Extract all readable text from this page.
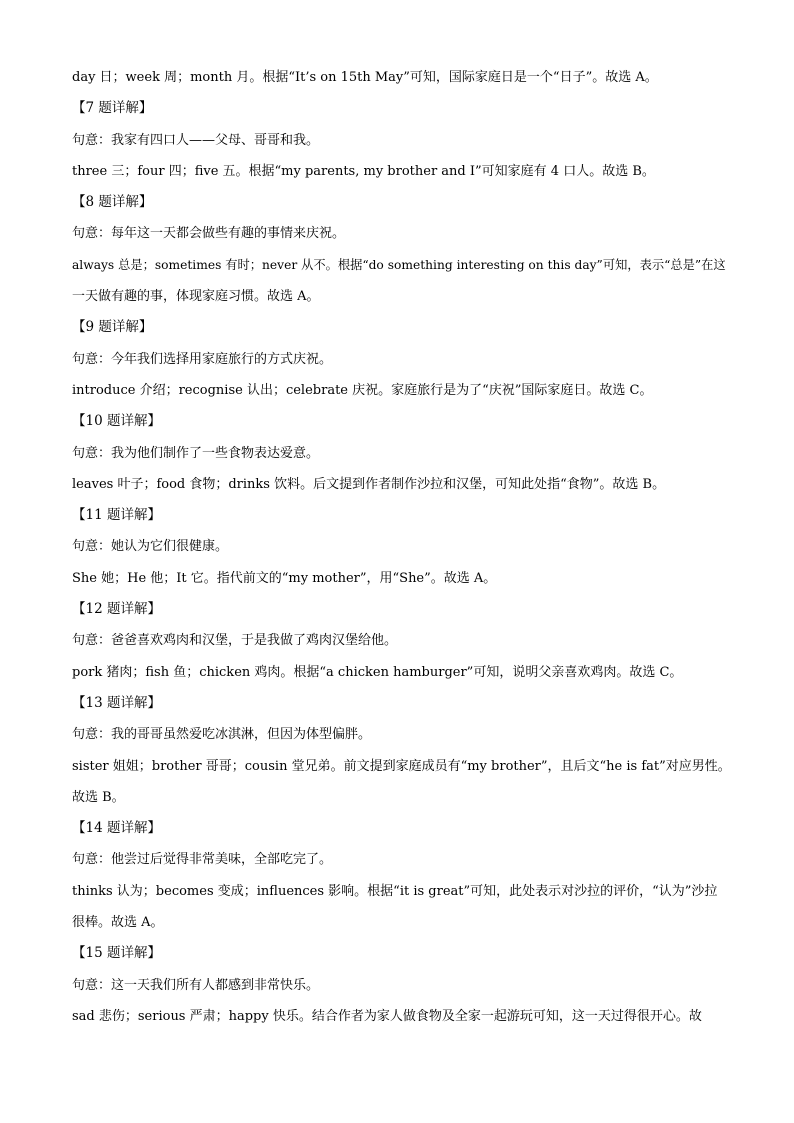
day 日；week 周；month 月。根据“It’s on 15th May”可知，国际家庭日是一个“日子”。故选 A。
【7 题详解】
句意：我家有四口人——父母、哥哥和我。
three 三；four 四；five 五。根据“my parents, my brother and I”可知家庭有 4 口人。故选 B。
【8 题详解】
句意：每年这一天都会做些有趣的事情来庆祝。
always 总是；sometimes 有时；never 从不。根据“do something interesting on this day”可知，表示“总是”在这
一天做有趣的事，体现家庭习惯。故选 A。
【9 题详解】
句意：今年我们选择用家庭旅行的方式庆祝。
introduce 介绍；recognise 认出；celebrate 庆祝。家庭旅行是为了“庆祝”国际家庭日。故选 C。
【10 题详解】
句意：我为他们制作了一些食物表达爱意。
leaves 叶子；food 食物；drinks 饮料。后文提到作者制作沙拉和汉堡，可知此处指“食物”。故选 B。
【11 题详解】
句意：她认为它们很健康。
She 她；He 他；It 它。指代前文的“my mother”，用“She”。故选 A。
【12 题详解】
句意：爸爸喜欢鸡肉和汉堡，于是我做了鸡肉汉堡给他。
pork 猪肉；fish 鱼；chicken 鸡肉。根据“a chicken hamburger”可知，说明父亲喜欢鸡肉。故选 C。
【13 题详解】
句意：我的哥哥虽然爱吃冰淇淋，但因为体型偏胖。
sister 姐姐；brother 哥哥；cousin 堂兄弟。前文提到家庭成员有“my brother”，且后文“he is fat”对应男性。
故选 B。
【14 题详解】
句意：他尝过后觉得非常美味，全部吃完了。
thinks 认为；becomes 变成；influences 影响。根据“it is great”可知，此处表示对沙拉的评价，“认为”沙拉
很棒。故选 A。
【15 题详解】
句意：这一天我们所有人都感到非常快乐。
sad 悲伤；serious 严肃；happy 快乐。结合作者为家人做食物及全家一起游玩可知，这一天过得很开心。故
